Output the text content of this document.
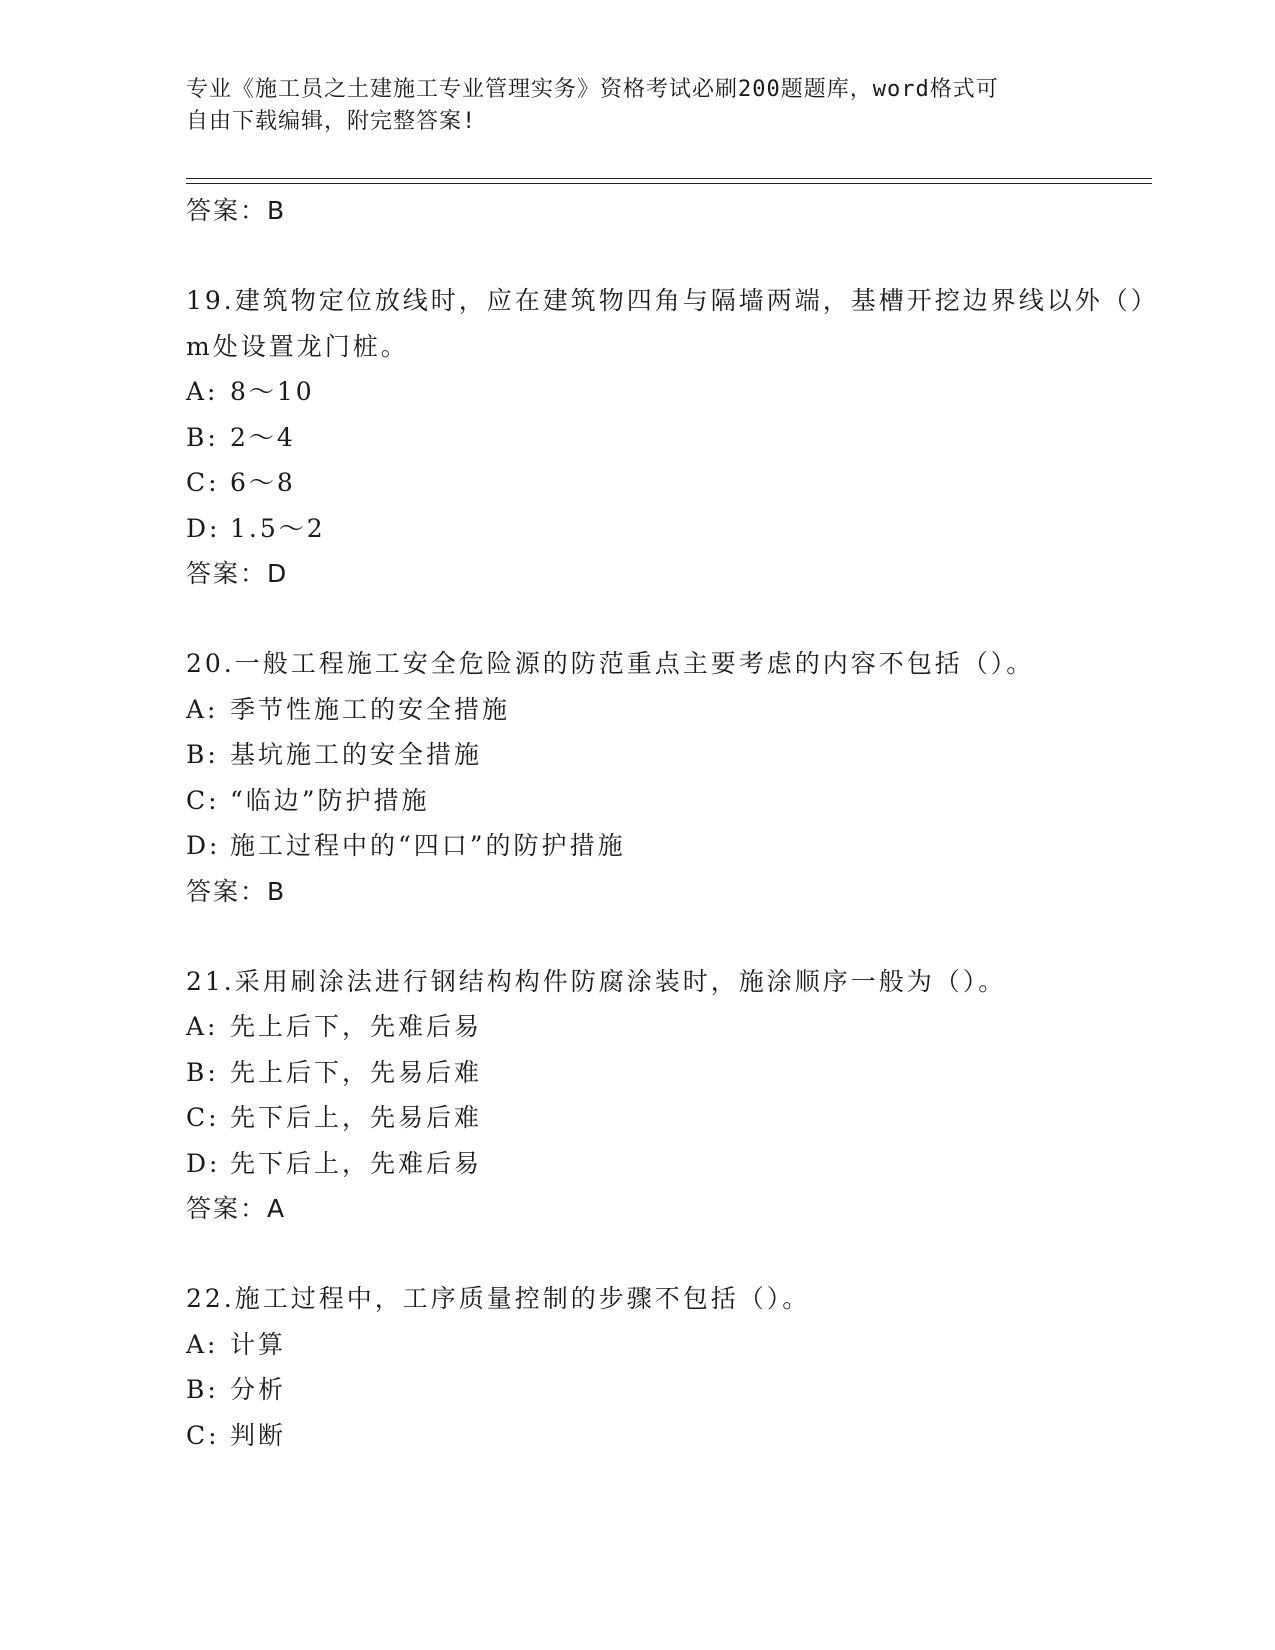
专业《施工员之土建施工专业管理实务》资格考试必刷200题题库，word格式可
自由下载编辑，附完整答案!

答案：B

19.建筑物定位放线时，应在建筑物四角与隔墙两端，基槽开挖边界线以外（）m处设置龙门桩。

A: 8～10

B: 2～4

C: 6～8

D: 1.5～2

答案：D

20.一般工程施工安全危险源的防范重点主要考虑的内容不包括（）。

A: 季节性施工的安全措施

B: 基坑施工的安全措施

C: “临边”防护措施

D: 施工过程中的“四口”的防护措施

答案：B

21.采用刷涂法进行钢结构构件防腐涂装时，施涂顺序一般为（）。

A: 先上后下，先难后易

B: 先上后下，先易后难

C: 先下后上，先易后难

D: 先下后上，先难后易

答案：A

22.施工过程中，工序质量控制的步骤不包括（）。

A: 计算

B: 分析

C: 判断
